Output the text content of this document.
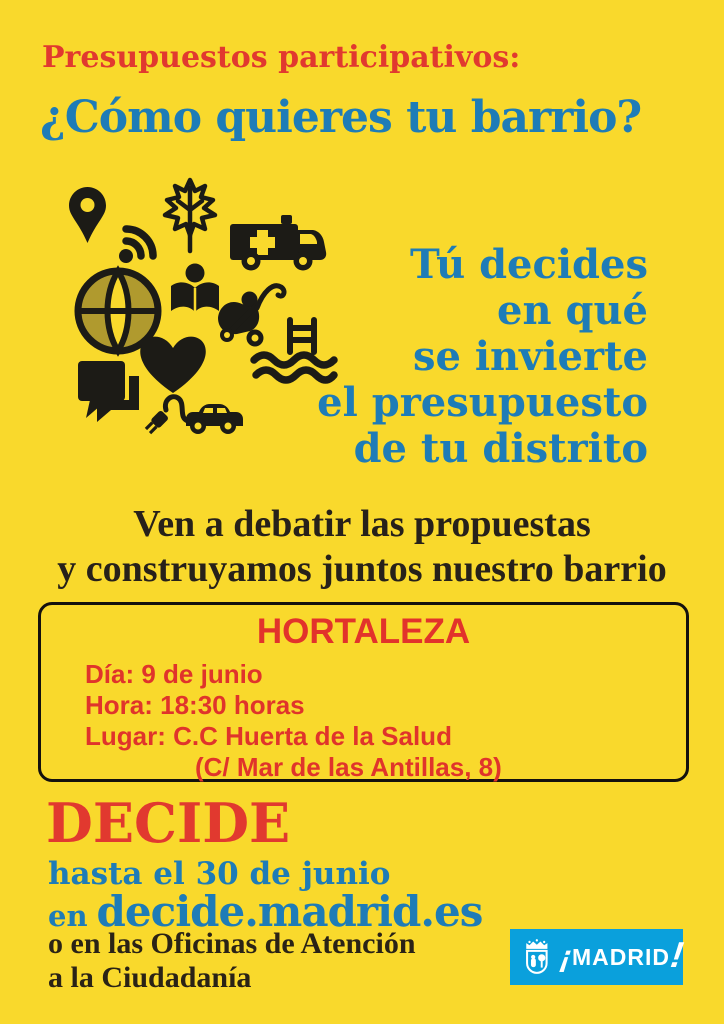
Presupuestos participativos:
¿Cómo quieres tu barrio?
Tú decides
en qué
se invierte
el presupuesto
de tu distrito
Ven a debatir las propuestas
y construyamos juntos nuestro barrio
HORTALEZA
Día: 9 de junio
Hora: 18:30 horas
Lugar: C.C Huerta de la Salud
(C/ Mar de las Antillas, 8)
DECIDE
hasta el 30 de junio
en decide.madrid.es
o en las Oficinas de Atención
a la Ciudadanía
¡
MADRID
!
